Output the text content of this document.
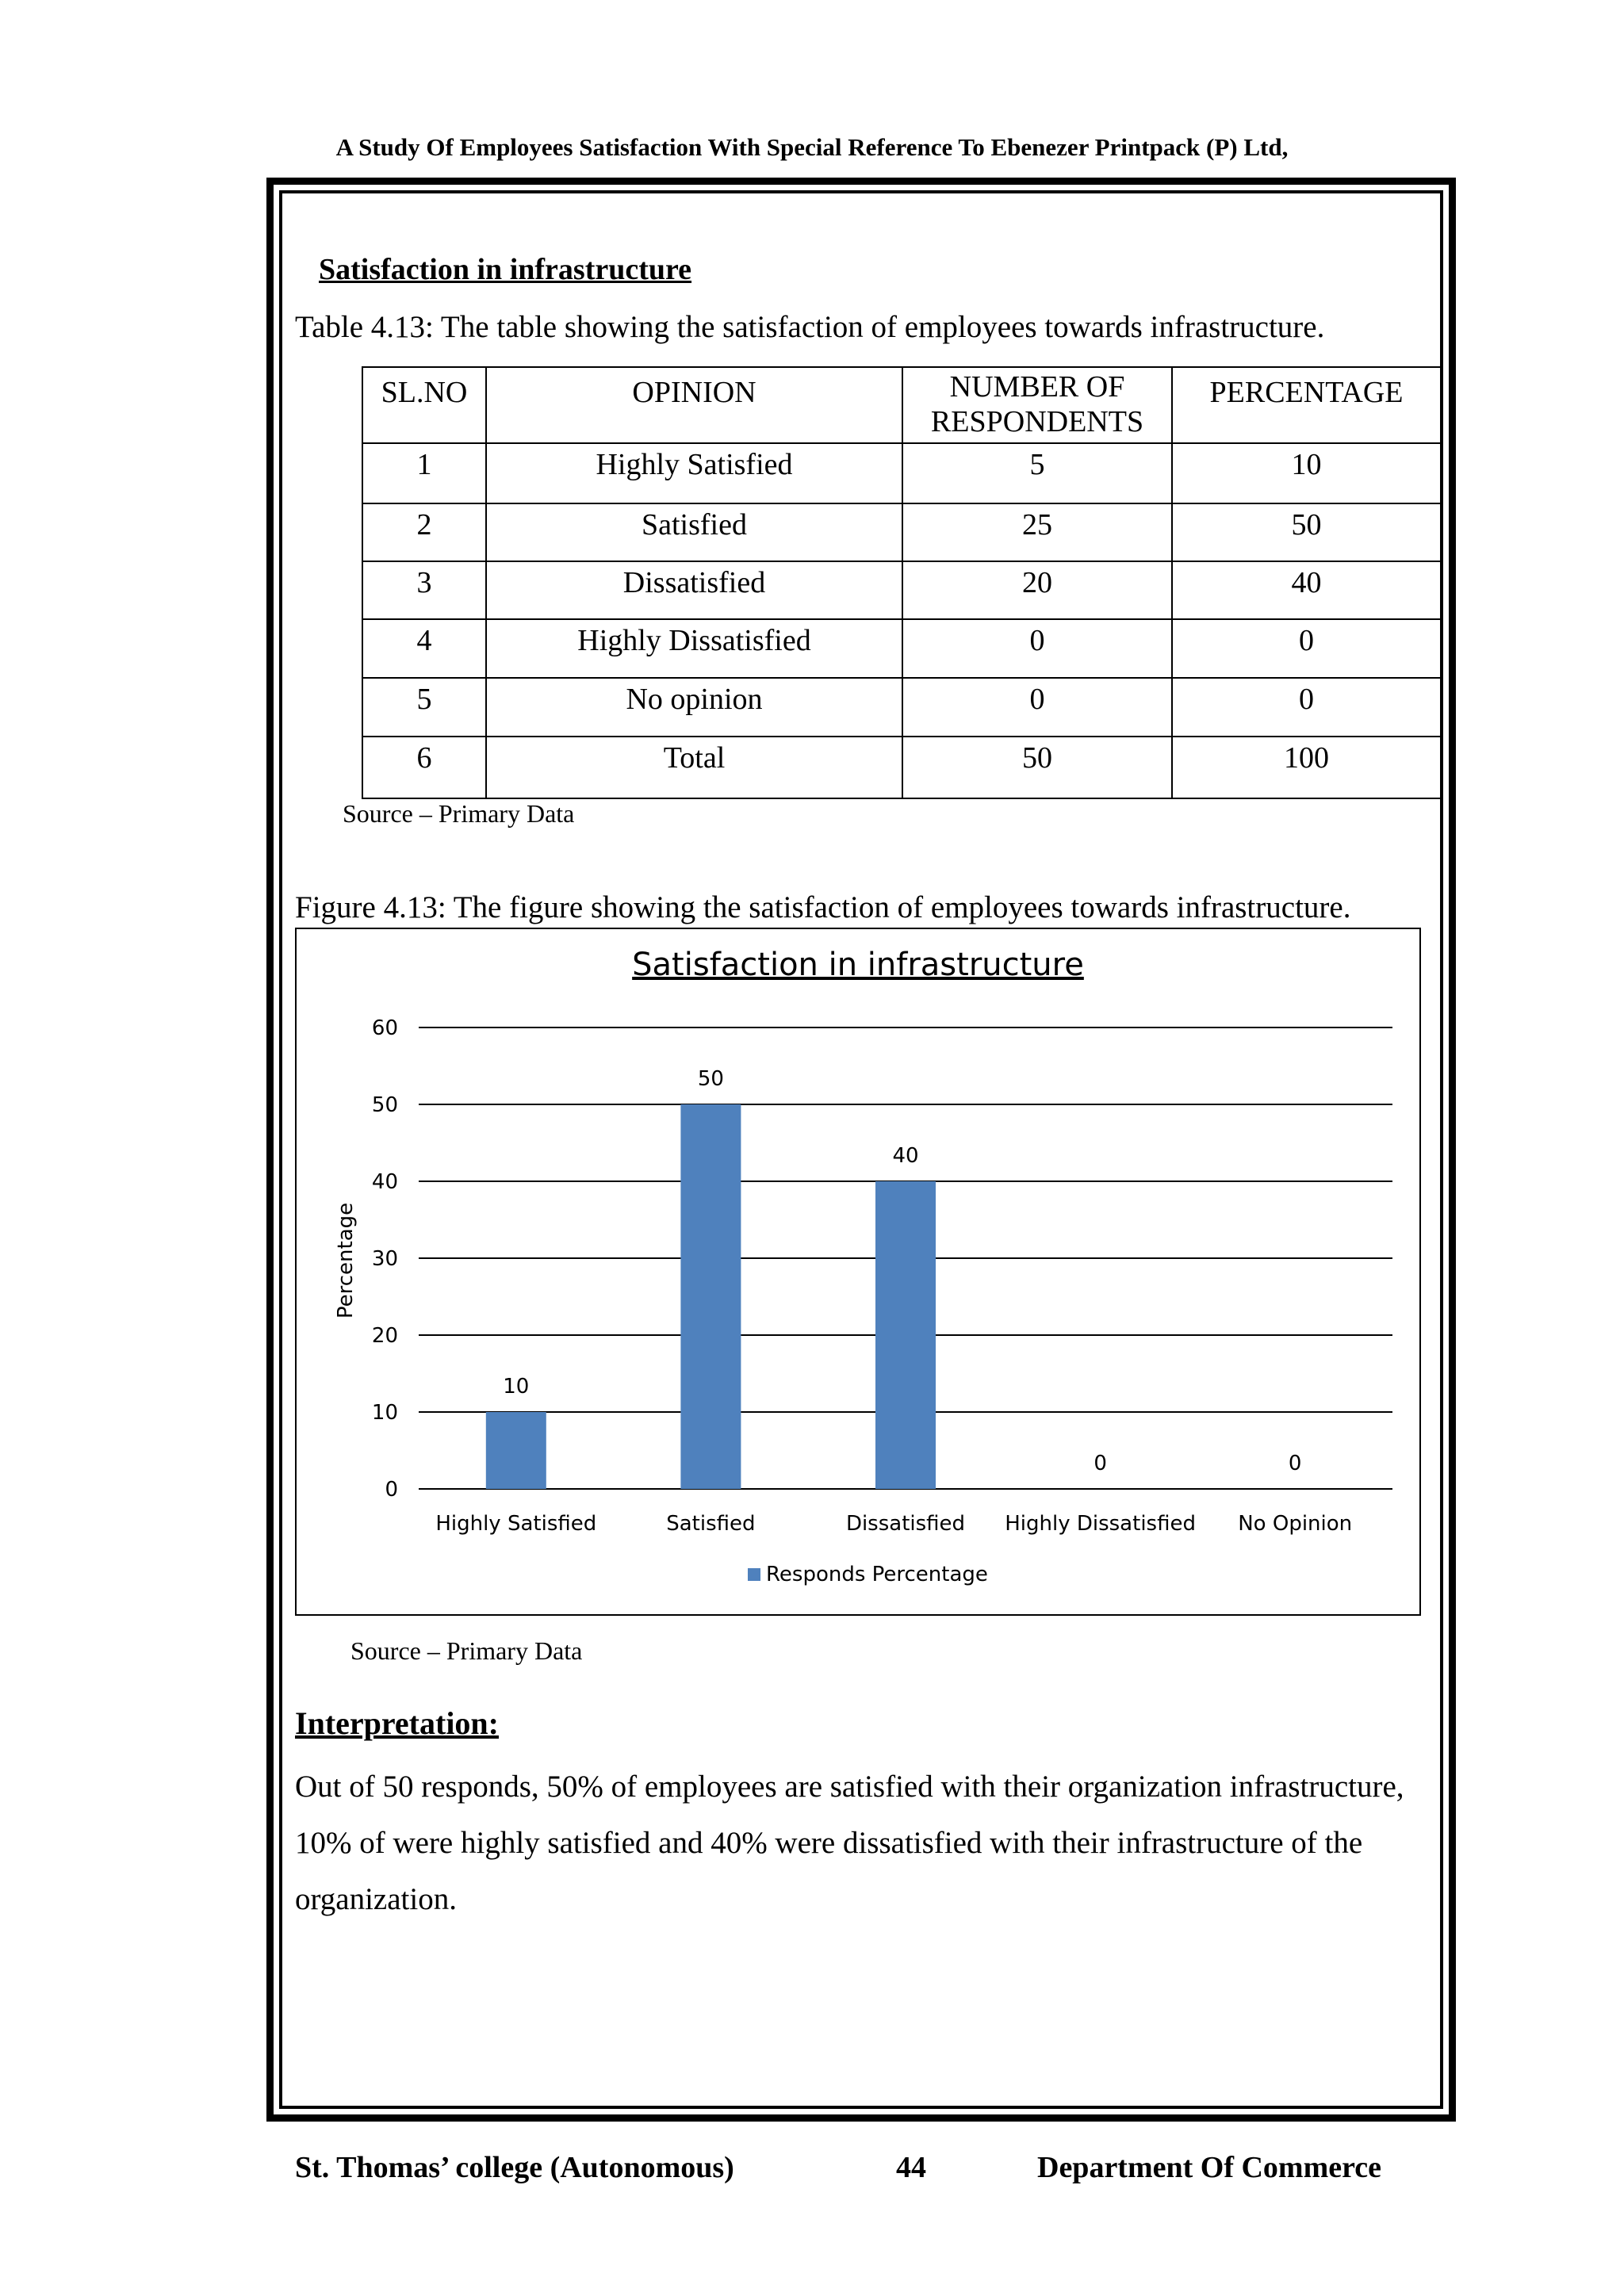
A Study Of Employees Satisfaction With Special Reference To Ebenezer Printpack (P) Ltd,
Satisfaction in infrastructure
Table 4.13: The table showing the satisfaction of employees towards infrastructure.
SL.NO	OPINION	NUMBER OF RESPONDENTS	PERCENTAGE
1	Highly Satisfied	5	10
2	Satisfied	25	50
3	Dissatisfied	20	40
4	Highly Dissatisfied	0	0
5	No opinion	0	0
6	Total	50	100
Source – Primary Data
Figure 4.13: The figure showing the satisfaction of employees towards infrastructure.
Satisfaction in infrastructure
0
10
20
30
40
50
60
10
Highly Satisfied
50
Satisfied
40
Dissatisfied
0
Highly Dissatisfied
0
No Opinion
Percentage
Responds Percentage
Source – Primary Data
Interpretation:
Out of 50 responds, 50% of employees are satisfied with their organization infrastructure, 10% of were highly satisfied and 40% were dissatisfied with their infrastructure of the organization.
St. Thomas’ college (Autonomous)	44	Department Of Commerce
